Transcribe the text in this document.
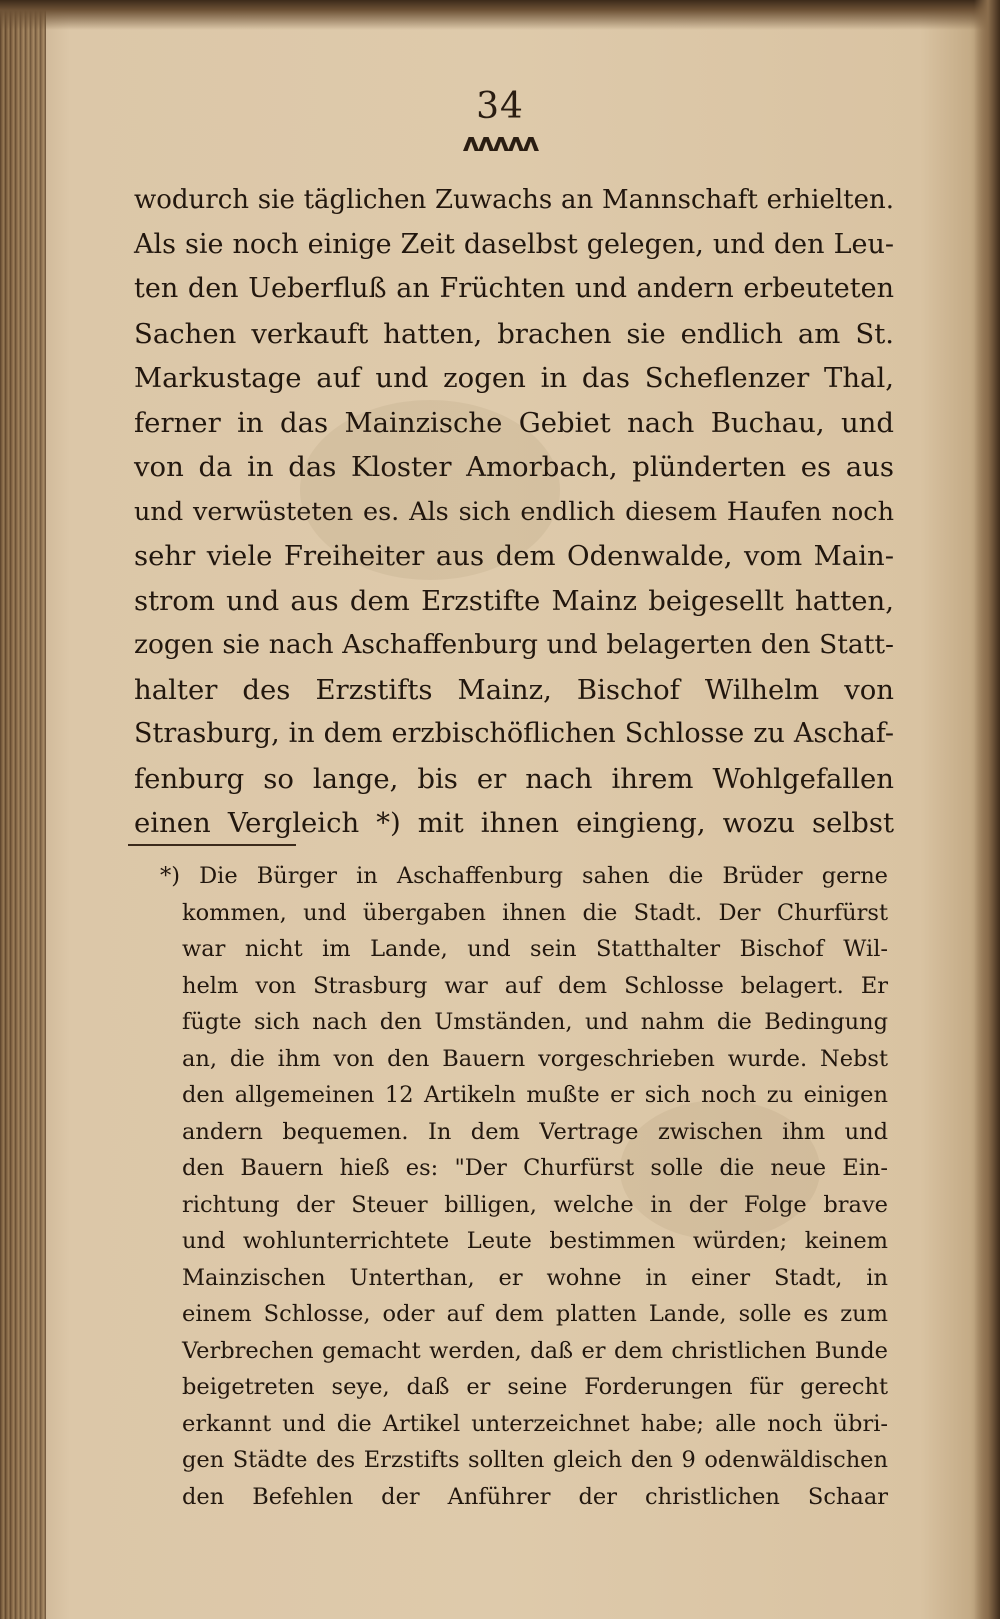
34
ʌʌʌʌʌ
wodurch sie täglichen Zuwachs an Mannschaft erhielten.
Als sie noch einige Zeit daselbst gelegen, und den Leu-
ten den Ueberfluß an Früchten und andern erbeuteten
Sachen verkauft hatten, brachen sie endlich am St.
Markustage auf und zogen in das Scheflenzer Thal,
ferner in das Mainzische Gebiet nach Buchau, und
von da in das Kloster Amorbach, plünderten es aus
und verwüsteten es. Als sich endlich diesem Haufen noch
sehr viele Freiheiter aus dem Odenwalde, vom Main-
strom und aus dem Erzstifte Mainz beigesellt hatten,
zogen sie nach Aschaffenburg und belagerten den Statt-
halter des Erzstifts Mainz, Bischof Wilhelm von
Strasburg, in dem erzbischöflichen Schlosse zu Aschaf-
fenburg so lange, bis er nach ihrem Wohlgefallen
einen Vergleich *) mit ihnen eingieng, wozu selbst
*) Die Bürger in Aschaffenburg sahen die Brüder gerne
kommen, und übergaben ihnen die Stadt. Der Churfürst
war nicht im Lande, und sein Statthalter Bischof Wil-
helm von Strasburg war auf dem Schlosse belagert. Er
fügte sich nach den Umständen, und nahm die Bedingung
an, die ihm von den Bauern vorgeschrieben wurde. Nebst
den allgemeinen 12 Artikeln mußte er sich noch zu einigen
andern bequemen. In dem Vertrage zwischen ihm und
den Bauern hieß es: "Der Churfürst solle die neue Ein-
richtung der Steuer billigen, welche in der Folge brave
und wohlunterrichtete Leute bestimmen würden; keinem
Mainzischen Unterthan, er wohne in einer Stadt, in
einem Schlosse, oder auf dem platten Lande, solle es zum
Verbrechen gemacht werden, daß er dem christlichen Bunde
beigetreten seye, daß er seine Forderungen für gerecht
erkannt und die Artikel unterzeichnet habe; alle noch übri-
gen Städte des Erzstifts sollten gleich den 9 odenwäldischen
den Befehlen der Anführer der christlichen Schaar
